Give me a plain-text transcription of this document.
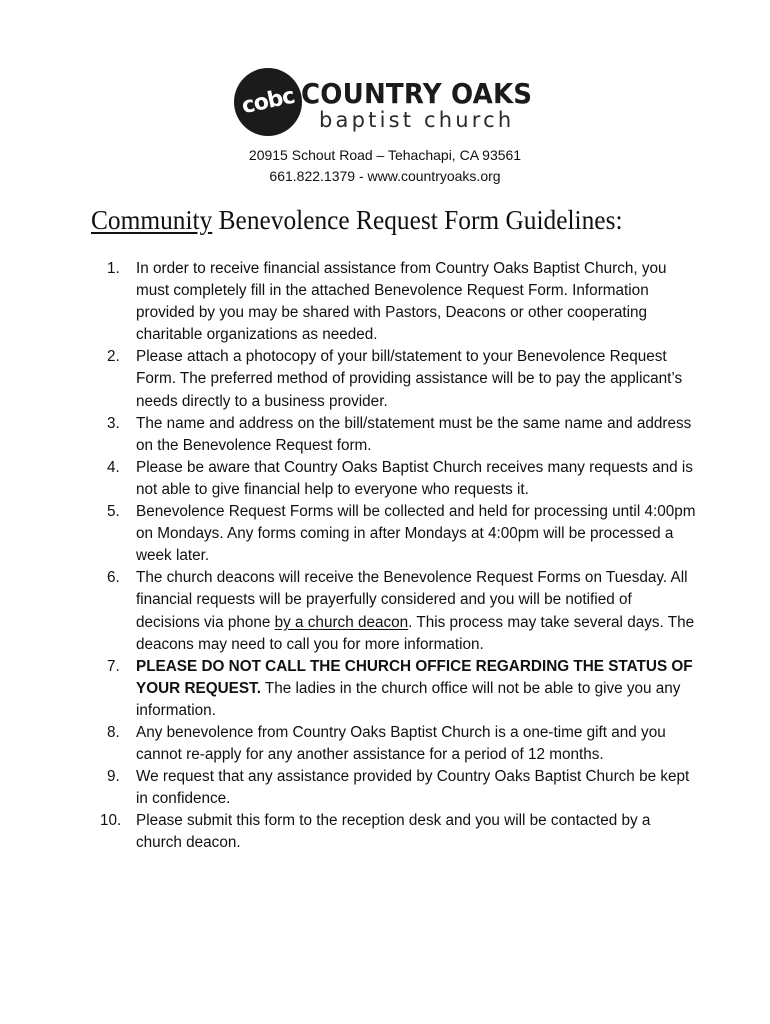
cobc COUNTRY OAKS
baptist church
20915 Schout Road – Tehachapi, CA 93561
661.822.1379 - www.countryoaks.org
Community Benevolence Request Form Guidelines:
1.	In order to receive financial assistance from Country Oaks Baptist Church, you must completely fill in the attached Benevolence Request Form. Information provided by you may be shared with Pastors, Deacons or other cooperating charitable organizations as needed.
2.	Please attach a photocopy of your bill/statement to your Benevolence Request Form. The preferred method of providing assistance will be to pay the applicant’s needs directly to a business provider.
3.	The name and address on the bill/statement must be the same name and address on the Benevolence Request form.
4.	Please be aware that Country Oaks Baptist Church receives many requests and is not able to give financial help to everyone who requests it.
5.	Benevolence Request Forms will be collected and held for processing until 4:00pm on Mondays. Any forms coming in after Mondays at 4:00pm will be processed a week later.
6.	The church deacons will receive the Benevolence Request Forms on Tuesday. All financial requests will be prayerfully considered and you will be notified of decisions via phone by a church deacon. This process may take several days. The deacons may need to call you for more information.
7.	PLEASE DO NOT CALL THE CHURCH OFFICE REGARDING THE STATUS OF YOUR REQUEST. The ladies in the church office will not be able to give you any information.
8.	Any benevolence from Country Oaks Baptist Church is a one-time gift and you cannot re-apply for any another assistance for a period of 12 months.
9.	We request that any assistance provided by Country Oaks Baptist Church be kept in confidence.
10. Please submit this form to the reception desk and you will be contacted by a church deacon.
